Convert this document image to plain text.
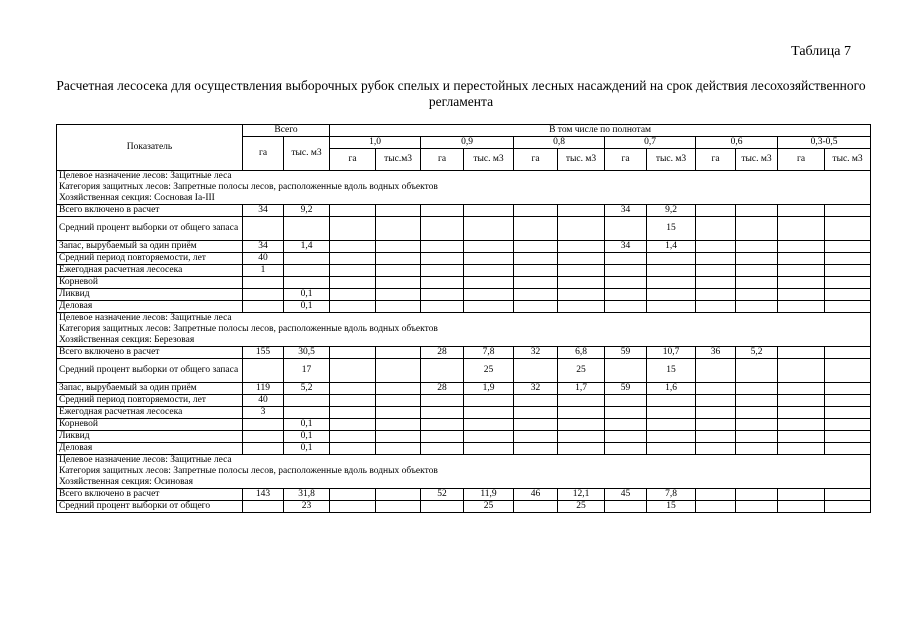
Таблица 7
Расчетная лесосека для осуществления выборочных рубок спелых и перестойных лесных насаждений на срок действия лесохозяйственного регламента
Показатель	Всего		В том числе по полнотам											
	га	тыс. м3	1,0		0,9		0,8		0,7		0,6		0,3-0,5	
			га	тыс.м3	га	тыс. м3	га	тыс. м3	га	тыс. м3	га	тыс. м3	га	тыс. м3

Целевое назначение лесов: Защитные леса
Категория защитных лесов: Запретные полосы лесов, расположенные вдоль водных объектов
Хозяйственная секция: Сосновая Ia-III														

Всего включено в расчет	34	9,2							34	9,2				
Средний процент выборки от общего запаса										15				
Запас, вырубаемый за один приём	34	1,4							34	1,4				
Средний период повторяемости, лет	40													
Ежегодная расчетная лесосека	1													
Корневой														
Ликвид		0,1												
Деловая		0,1												

Целевое назначение лесов: Защитные леса
Категория защитных лесов: Запретные полосы лесов, расположенные вдоль водных объектов
Хозяйственная секция: Березовая														

Всего включено в расчет	155	30,5			28	7,8	32	6,8	59	10,7	36	5,2		
Средний процент выборки от общего запаса		17				25		25		15				
Запас, вырубаемый за один приём	119	5,2			28	1,9	32	1,7	59	1,6				
Средний период повторяемости, лет	40													
Ежегодная расчетная лесосека	3													
Корневой		0,1												
Ликвид		0,1												
Деловая		0,1												

Целевое назначение лесов: Защитные леса
Категория защитных лесов: Запретные полосы лесов, расположенные вдоль водных объектов
Хозяйственная секция: Осиновая														

Всего включено в расчет	143	31,8			52	11,9	46	12,1	45	7,8				
Средний процент выборки от общего		23				25		25		15				
